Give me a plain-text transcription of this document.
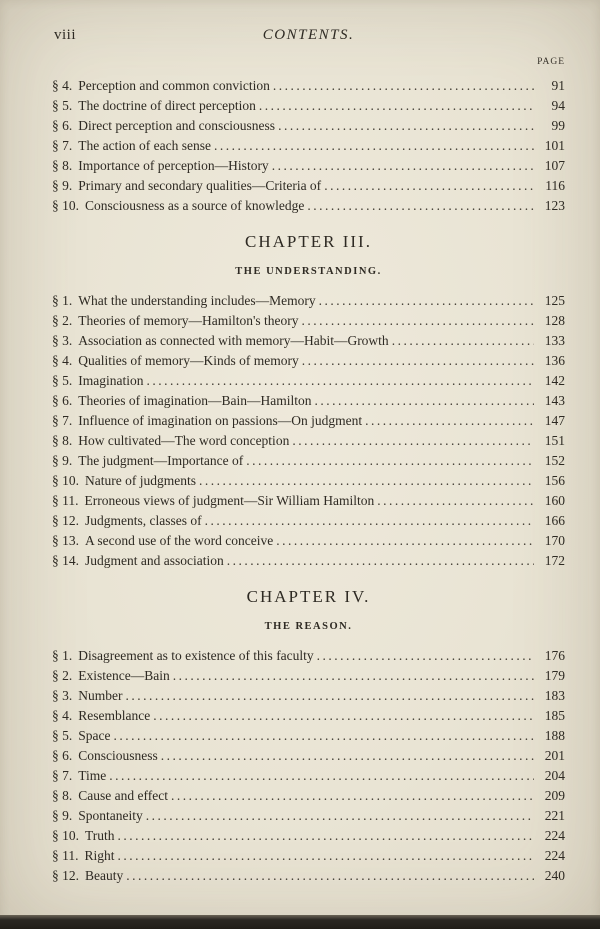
viii	CONTENTS.
PAGE
§ 4. Perception and common conviction .....	91
§ 5. The doctrine of direct perception .....	94
§ 6. Direct perception and consciousness .....	99
§ 7. The action of each sense .....	101
§ 8. Importance of perception—History .....	107
§ 9. Primary and secondary qualities—Criteria of .....	116
§ 10. Consciousness as a source of knowledge .....	123
CHAPTER III.
THE UNDERSTANDING.
§ 1. What the understanding includes—Memory .....	125
§ 2. Theories of memory—Hamilton's theory .....	128
§ 3. Association as connected with memory—Habit—Growth .....	133
§ 4. Qualities of memory—Kinds of memory .....	136
§ 5. Imagination .....	142
§ 6. Theories of imagination—Bain—Hamilton .....	143
§ 7. Influence of imagination on passions—On judgment .....	147
§ 8. How cultivated—The word conception .....	151
§ 9. The judgment—Importance of .....	152
§ 10. Nature of judgments .....	156
§ 11. Erroneous views of judgment—Sir William Hamilton .....	160
§ 12. Judgments, classes of .....	166
§ 13. A second use of the word conceive .....	170
§ 14. Judgment and association .....	172
CHAPTER IV.
THE REASON.
§ 1. Disagreement as to existence of this faculty .....	176
§ 2. Existence—Bain .....	179
§ 3. Number .....	183
§ 4. Resemblance .....	185
§ 5. Space .....	188
§ 6. Consciousness .....	201
§ 7. Time .....	204
§ 8. Cause and effect .....	209
§ 9. Spontaneity .....	221
§ 10. Truth .....	224
§ 11. Right .....	224
§ 12. Beauty .....	240
